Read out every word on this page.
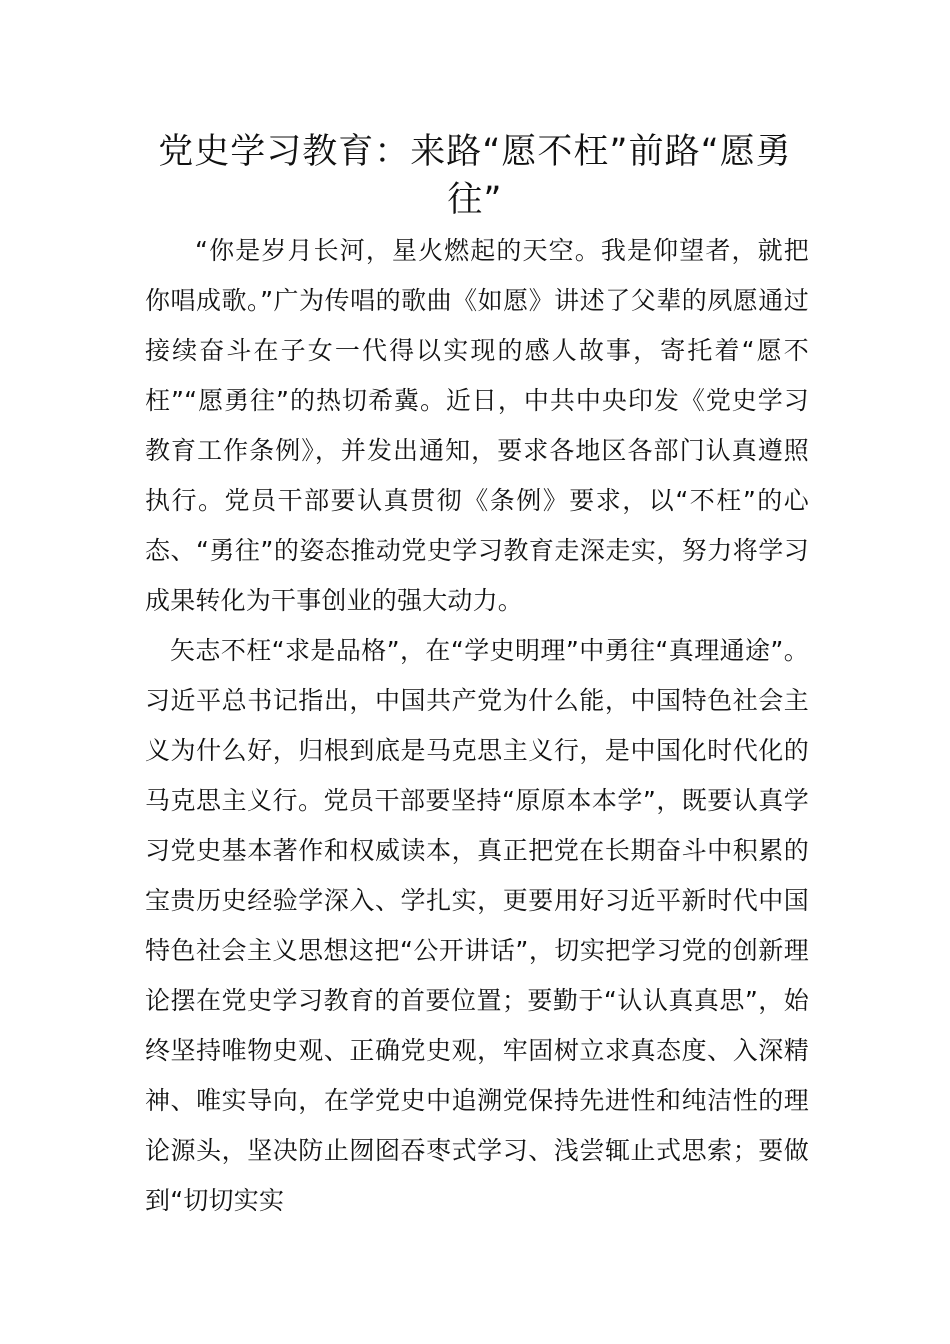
党史学习教育：来路“愿不枉”前路“愿勇往”

“你是岁月长河，星火燃起的天空。我是仰望者，就把你唱成歌。”广为传唱的歌曲《如愿》讲述了父辈的夙愿通过接续奋斗在子女一代得以实现的感人故事，寄托着“愿不枉”“愿勇往”的热切希冀。近日，中共中央印发《党史学习教育工作条例》，并发出通知，要求各地区各部门认真遵照执行。党员干部要认真贯彻《条例》要求，以“不枉”的心态、“勇往”的姿态推动党史学习教育走深走实，努力将学习成果转化为干事创业的强大动力。

矢志不枉“求是品格”，在“学史明理”中勇往“真理通途”。习近平总书记指出，中国共产党为什么能，中国特色社会主义为什么好，归根到底是马克思主义行，是中国化时代化的马克思主义行。党员干部要坚持“原原本本学”，既要认真学习党史基本著作和权威读本，真正把党在长期奋斗中积累的宝贵历史经验学深入、学扎实，更要用好习近平新时代中国特色社会主义思想这把“公开讲话”，切实把学习党的创新理论摆在党史学习教育的首要位置；要勤于“认认真真思”，始终坚持唯物史观、正确党史观，牢固树立求真态度、入深精神、唯实导向，在学党史中追溯党保持先进性和纯洁性的理论源头，坚决防止囫囵吞枣式学习、浅尝辄止式思索；要做到“切切实实
